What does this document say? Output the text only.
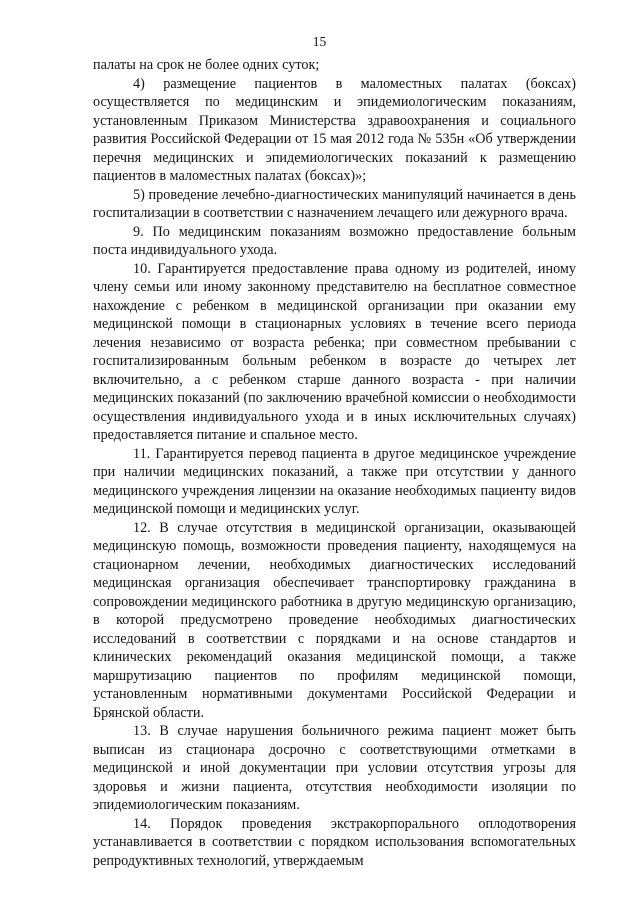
15

палаты на срок не более одних суток;

4) размещение пациентов в маломестных палатах (боксах) осуществляется по медицинским и эпидемиологическим показаниям, установленным Приказом Министерства здравоохранения и социального развития Российской Федерации от 15 мая 2012 года № 535н «Об утверждении перечня медицинских и эпидемиологических показаний к размещению пациентов в маломестных палатах (боксах)»;

5) проведение лечебно-диагностических манипуляций начинается в день госпитализации в соответствии с назначением лечащего или дежурного врача.

9. По медицинским показаниям возможно предоставление больным поста индивидуального ухода.

10. Гарантируется предоставление права одному из родителей, иному члену семьи или иному законному представителю на бесплатное совместное нахождение с ребенком в медицинской организации при оказании ему медицинской помощи в стационарных условиях в течение всего периода лечения независимо от возраста ребенка; при совместном пребывании с госпитализированным больным ребенком в возрасте до четырех лет включительно, а с ребенком старше данного возраста - при наличии медицинских показаний (по заключению врачебной комиссии о необходимости осуществления индивидуального ухода и в иных исключительных случаях) предоставляется питание и спальное место.

11. Гарантируется перевод пациента в другое медицинское учреждение при наличии медицинских показаний, а также при отсутствии у данного медицинского учреждения лицензии на оказание необходимых пациенту видов медицинской помощи и медицинских услуг.

12. В случае отсутствия в медицинской организации, оказывающей медицинскую помощь, возможности проведения пациенту, находящемуся на стационарном лечении, необходимых диагностических исследований медицинская организация обеспечивает транспортировку гражданина в сопровождении медицинского работника в другую медицинскую организацию, в которой предусмотрено проведение необходимых диагностических исследований в соответствии с порядками и на основе стандартов и клинических рекомендаций оказания медицинской помощи, а также маршрутизацию пациентов по профилям медицинской помощи, установленным нормативными документами Российской Федерации и Брянской области.

13. В случае нарушения больничного режима пациент может быть выписан из стационара досрочно с соответствующими отметками в медицинской и иной документации при условии отсутствия угрозы для здоровья и жизни пациента, отсутствия необходимости изоляции по эпидемиологическим показаниям.

14. Порядок проведения экстракорпорального оплодотворения устанавливается в соответствии с порядком использования вспомогательных репродуктивных технологий, утверждаемым
